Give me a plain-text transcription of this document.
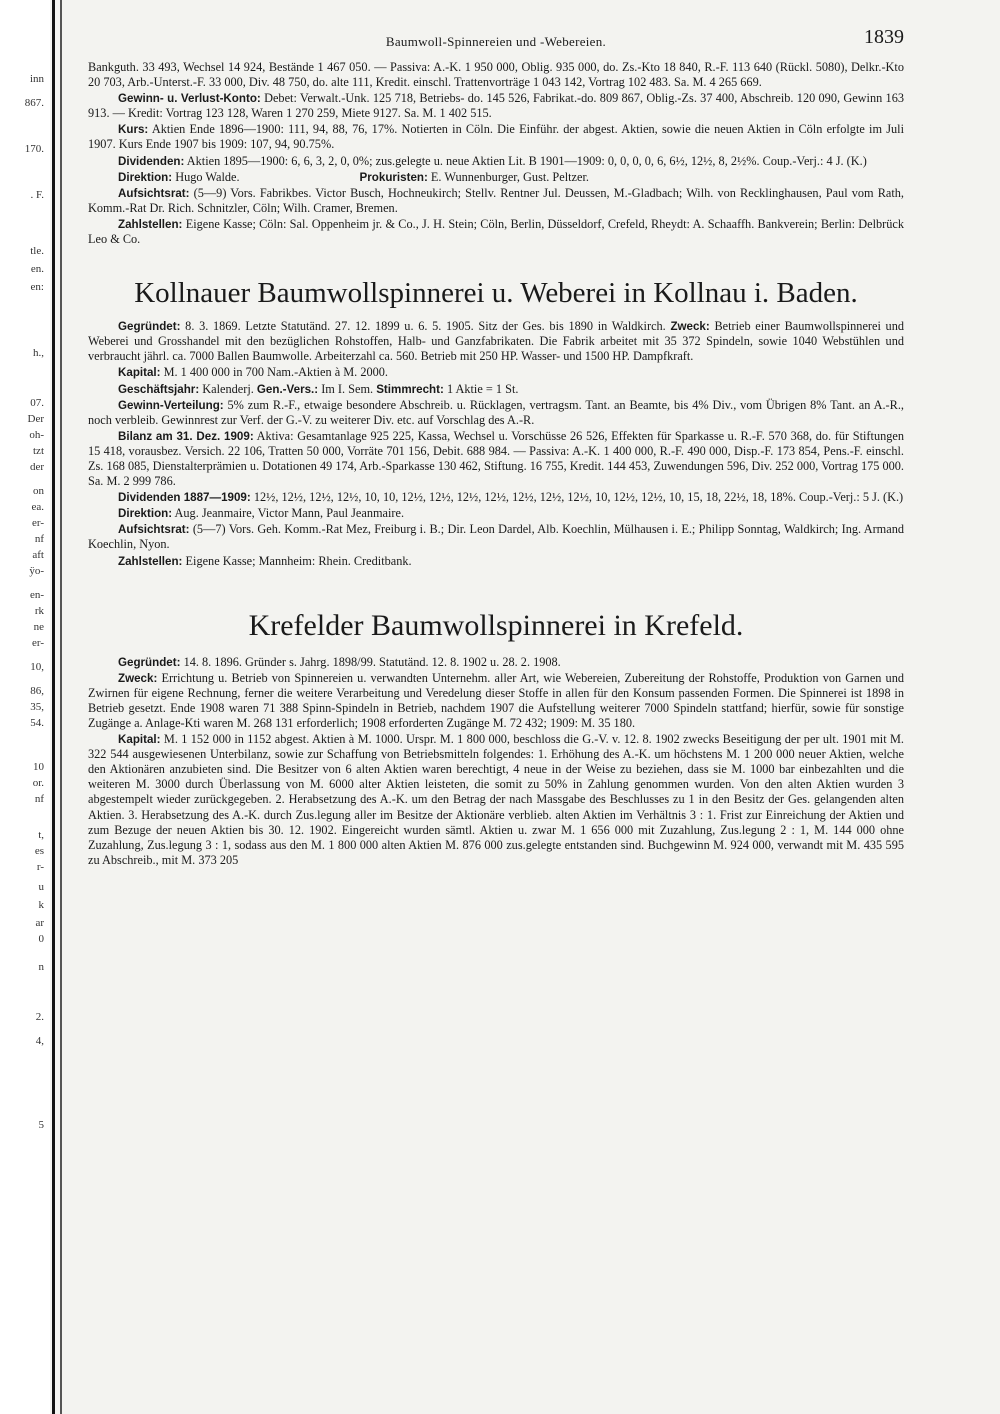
inn
867.
170.
. F.
tle.
en.
en:
h.,
07.
Der
oh-
tzt
der
on
ea.
er-
nf
aft
ÿo-
en-
rk
ne
er-
10,
86,
35,
54.
10
or.
nf
t,
es
r-
u
k
ar
0
n
2.
4,
5
Baumwoll-Spinnereien und -Webereien.	1839

Bankguth. 33 493, Wechsel 14 924, Bestände 1 467 050. — Passiva: A.-K. 1 950 000, Oblig. 935 000, do. Zs.-Kto 18 840, R.-F. 113 640 (Rückl. 5080), Delkr.-Kto 20 703, Arb.-Unterst.-F. 33 000, Div. 48 750, do. alte 111, Kredit. einschl. Trattenvorträge 1 043 142, Vortrag 102 483. Sa. M. 4 265 669.

Gewinn- u. Verlust-Konto: Debet: Verwalt.-Unk. 125 718, Betriebs- do. 145 526, Fabrikat.-do. 809 867, Oblig.-Zs. 37 400, Abschreib. 120 090, Gewinn 163 913. — Kredit: Vortrag 123 128, Waren 1 270 259, Miete 9127. Sa. M. 1 402 515.

Kurs: Aktien Ende 1896—1900: 111, 94, 88, 76, 17%. Notierten in Cöln. Die Einführ. der abgest. Aktien, sowie die neuen Aktien in Cöln erfolgte im Juli 1907. Kurs Ende 1907 bis 1909: 107, 94, 90.75%.

Dividenden: Aktien 1895—1900: 6, 6, 3, 2, 0, 0%; zus.gelegte u. neue Aktien Lit. B 1901—1909: 0, 0, 0, 0, 6, 6½, 12½, 8, 2½%. Coup.-Verj.: 4 J. (K.)

Direktion: Hugo Walde.	Prokuristen: E. Wunnenburger, Gust. Peltzer.

Aufsichtsrat: (5—9) Vors. Fabrikbes. Victor Busch, Hochneukirch; Stellv. Rentner Jul. Deussen, M.-Gladbach; Wilh. von Recklinghausen, Paul vom Rath, Komm.-Rat Dr. Rich. Schnitzler, Cöln; Wilh. Cramer, Bremen.

Zahlstellen: Eigene Kasse; Cöln: Sal. Oppenheim jr. & Co., J. H. Stein; Cöln, Berlin, Düsseldorf, Crefeld, Rheydt: A. Schaaffh. Bankverein; Berlin: Delbrück Leo & Co.

Kollnauer Baumwollspinnerei u. Weberei in Kollnau i. Baden.

Gegründet: 8. 3. 1869. Letzte Statutänd. 27. 12. 1899 u. 6. 5. 1905. Sitz der Ges. bis 1890 in Waldkirch. Zweck: Betrieb einer Baumwollspinnerei und Weberei und Grosshandel mit den bezüglichen Rohstoffen, Halb- und Ganzfabrikaten. Die Fabrik arbeitet mit 35 372 Spindeln, sowie 1040 Webstühlen und verbraucht jährl. ca. 7000 Ballen Baumwolle. Arbeiterzahl ca. 560. Betrieb mit 250 HP. Wasser- und 1500 HP. Dampfkraft.

Kapital: M. 1 400 000 in 700 Nam.-Aktien à M. 2000.

Geschäftsjahr: Kalenderj. Gen.-Vers.: Im I. Sem. Stimmrecht: 1 Aktie = 1 St.

Gewinn-Verteilung: 5% zum R.-F., etwaige besondere Abschreib. u. Rücklagen, vertragsm. Tant. an Beamte, bis 4% Div., vom Übrigen 8% Tant. an A.-R., noch verbleib. Gewinnrest zur Verf. der G.-V. zu weiterer Div. etc. auf Vorschlag des A.-R.

Bilanz am 31. Dez. 1909: Aktiva: Gesamtanlage 925 225, Kassa, Wechsel u. Vorschüsse 26 526, Effekten für Sparkasse u. R.-F. 570 368, do. für Stiftungen 15 418, vorausbez. Versich. 22 106, Tratten 50 000, Vorräte 701 156, Debit. 688 984. — Passiva: A.-K. 1 400 000, R.-F. 490 000, Disp.-F. 173 854, Pens.-F. einschl. Zs. 168 085, Dienstalterprämien u. Dotationen 49 174, Arb.-Sparkasse 130 462, Stiftung. 16 755, Kredit. 144 453, Zuwendungen 596, Div. 252 000, Vortrag 175 000. Sa. M. 2 999 786.

Dividenden 1887—1909: 12½, 12½, 12½, 12½, 10, 10, 12½, 12½, 12½, 12½, 12½, 12½, 12½, 10, 12½, 12½, 10, 15, 18, 22½, 18, 18%. Coup.-Verj.: 5 J. (K.)

Direktion: Aug. Jeanmaire, Victor Mann, Paul Jeanmaire.

Aufsichtsrat: (5—7) Vors. Geh. Komm.-Rat Mez, Freiburg i. B.; Dir. Leon Dardel, Alb. Koechlin, Mülhausen i. E.; Philipp Sonntag, Waldkirch; Ing. Armand Koechlin, Nyon.

Zahlstellen: Eigene Kasse; Mannheim: Rhein. Creditbank.

Krefelder Baumwollspinnerei in Krefeld.

Gegründet: 14. 8. 1896. Gründer s. Jahrg. 1898/99. Statutänd. 12. 8. 1902 u. 28. 2. 1908.

Zweck: Errichtung u. Betrieb von Spinnereien u. verwandten Unternehm. aller Art, wie Webereien, Zubereitung der Rohstoffe, Produktion von Garnen und Zwirnen für eigene Rechnung, ferner die weitere Verarbeitung und Veredelung dieser Stoffe in allen für den Konsum passenden Formen. Die Spinnerei ist 1898 in Betrieb gesetzt. Ende 1908 waren 71 388 Spinn-Spindeln in Betrieb, nachdem 1907 die Aufstellung weiterer 7000 Spindeln stattfand; hierfür, sowie für sonstige Zugänge a. Anlage-Kti waren M. 268 131 erforderlich; 1908 erforderten Zugänge M. 72 432; 1909: M. 35 180.

Kapital: M. 1 152 000 in 1152 abgest. Aktien à M. 1000. Urspr. M. 1 800 000, beschloss die G.-V. v. 12. 8. 1902 zwecks Beseitigung der per ult. 1901 mit M. 322 544 ausgewiesenen Unterbilanz, sowie zur Schaffung von Betriebsmitteln folgendes: 1. Erhöhung des A.-K. um höchstens M. 1 200 000 neuer Aktien, welche den Aktionären anzubieten sind. Die Besitzer von 6 alten Aktien waren berechtigt, 4 neue in der Weise zu beziehen, dass sie M. 1000 bar einbezahlten und die weiteren M. 3000 durch Überlassung von M. 6000 alter Aktien leisteten, die somit zu 50% in Zahlung genommen wurden. Von den alten Aktien wurden 3 abgestempelt wieder zurückgegeben. 2. Herabsetzung des A.-K. um den Betrag der nach Massgabe des Beschlusses zu 1 in den Besitz der Ges. gelangenden alten Aktien. 3. Herabsetzung des A.-K. durch Zus.legung aller im Besitze der Aktionäre verblieb. alten Aktien im Verhältnis 3 : 1. Frist zur Einreichung der Aktien und zum Bezuge der neuen Aktien bis 30. 12. 1902. Eingereicht wurden sämtl. Aktien u. zwar M. 1 656 000 mit Zuzahlung, Zus.legung 2 : 1, M. 144 000 ohne Zuzahlung, Zus.legung 3 : 1, sodass aus den M. 1 800 000 alten Aktien M. 876 000 zus.gelegte entstanden sind. Buchgewinn M. 924 000, verwandt mit M. 435 595 zu Abschreib., mit M. 373 205
